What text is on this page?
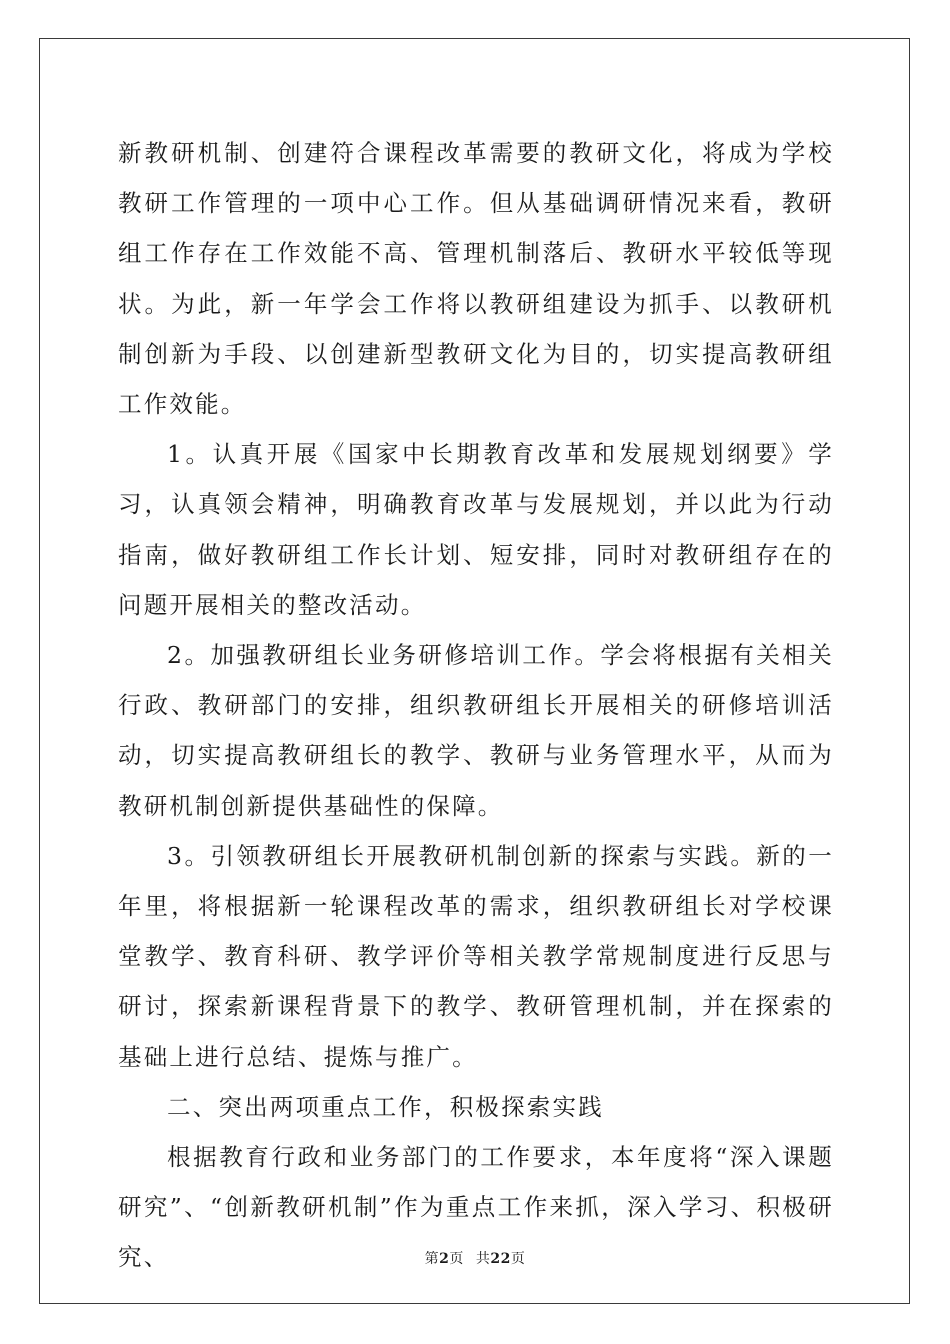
新教研机制、创建符合课程改革需要的教研文化，将成为学校教研工作管理的一项中心工作。但从基础调研情况来看，教研组工作存在工作效能不高、管理机制落后、教研水平较低等现状。为此，新一年学会工作将以教研组建设为抓手、以教研机制创新为手段、以创建新型教研文化为目的，切实提高教研组工作效能。

1。认真开展《国家中长期教育改革和发展规划纲要》学习，认真领会精神，明确教育改革与发展规划，并以此为行动指南，做好教研组工作长计划、短安排，同时对教研组存在的问题开展相关的整改活动。

2。加强教研组长业务研修培训工作。学会将根据有关相关行政、教研部门的安排，组织教研组长开展相关的研修培训活动，切实提高教研组长的教学、教研与业务管理水平，从而为教研机制创新提供基础性的保障。

3。引领教研组长开展教研机制创新的探索与实践。新的一年里，将根据新一轮课程改革的需求，组织教研组长对学校课堂教学、教育科研、教学评价等相关教学常规制度进行反思与研讨，探索新课程背景下的教学、教研管理机制，并在探索的基础上进行总结、提炼与推广。

二、突出两项重点工作，积极探索实践

根据教育行政和业务部门的工作要求，本年度将“深入课题研究”、“创新教研机制”作为重点工作来抓，深入学习、积极研究、	第2页 共22页
